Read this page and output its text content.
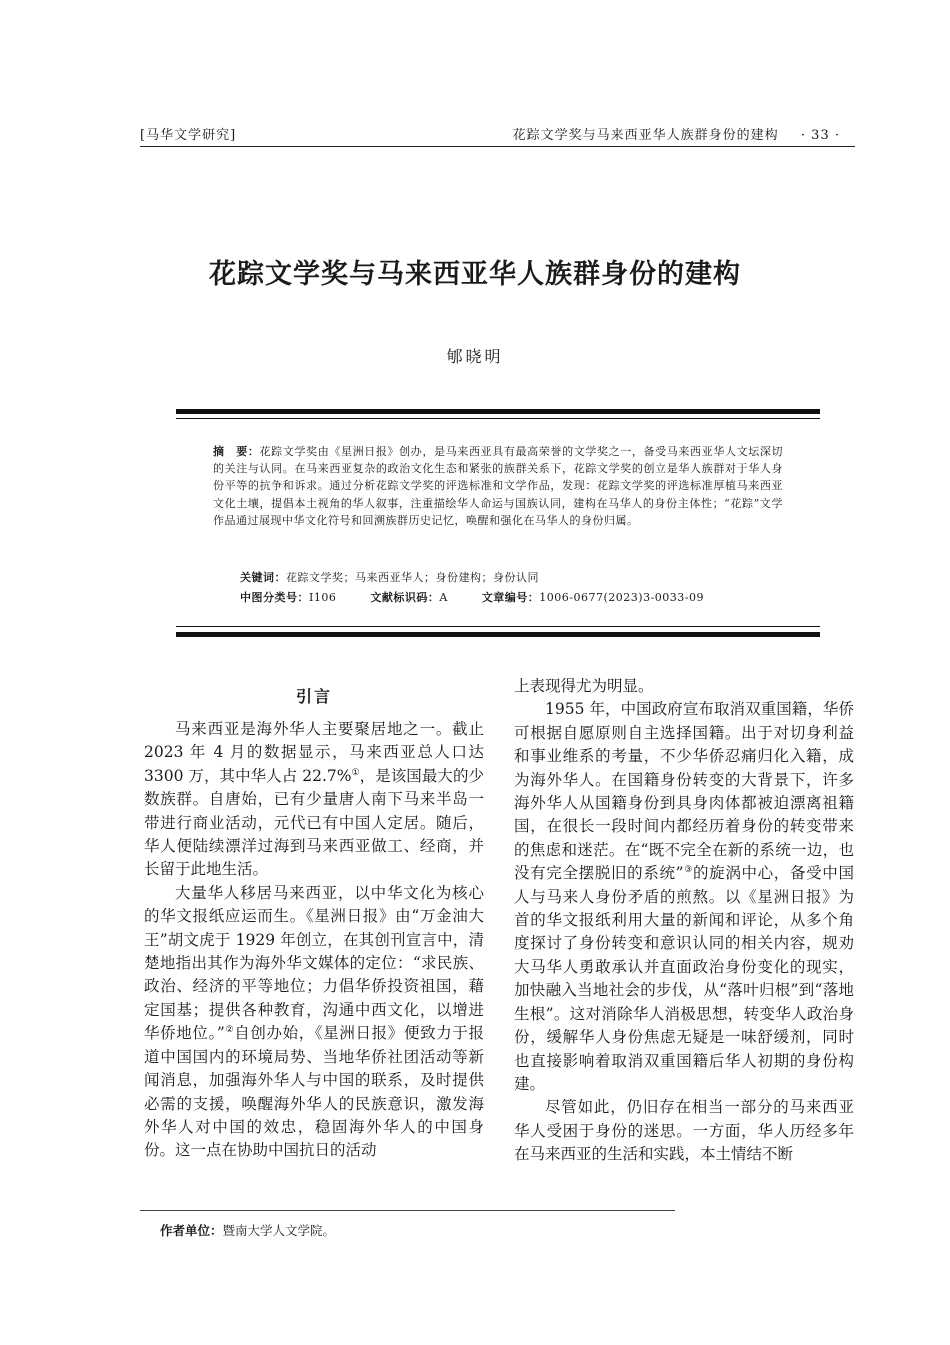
[马华文学研究]	花踪文学奖与马来西亚华人族群身份的建构 · 33 ·
花踪文学奖与马来西亚华人族群身份的建构
郇晓明
摘　要：花踪文学奖由《星洲日报》创办，是马来西亚具有最高荣誉的文学奖之一，备受马来西亚华人文坛深切的关注与认同。在马来西亚复杂的政治文化生态和紧张的族群关系下，花踪文学奖的创立是华人族群对于华人身份平等的抗争和诉求。通过分析花踪文学奖的评选标准和文学作品，发现：花踪文学奖的评选标准厚植马来西亚文化土壤，提倡本土视角的华人叙事，注重描绘华人命运与国族认同，建构在马华人的身份主体性；“花踪”文学作品通过展现中华文化符号和回溯族群历史记忆，唤醒和强化在马华人的身份归属。
关键词：花踪文学奖；马来西亚华人；身份建构；身份认同
中图分类号：I106	文献标识码：A	文章编号：1006-0677(2023)3-0033-09
引言

马来西亚是海外华人主要聚居地之一。截止 2023 年 4 月的数据显示，马来西亚总人口达 3300 万，其中华人占 22.7%①，是该国最大的少数族群。自唐始，已有少量唐人南下马来半岛一带进行商业活动，元代已有中国人定居。随后，华人便陆续漂洋过海到马来西亚做工、经商，并长留于此地生活。

大量华人移居马来西亚，以中华文化为核心的华文报纸应运而生。《星洲日报》由“万金油大王”胡文虎于 1929 年创立，在其创刊宣言中，清楚地指出其作为海外华文媒体的定位：“求民族、政治、经济的平等地位；力倡华侨投资祖国，藉定国基；提供各种教育，沟通中西文化，以增进华侨地位。”②自创办始，《星洲日报》便致力于报道中国国内的环境局势、当地华侨社团活动等新闻消息，加强海外华人与中国的联系，及时提供必需的支援，唤醒海外华人的民族意识，激发海外华人对中国的效忠，稳固海外华人的中国身份。这一点在协助中国抗日的活动

上表现得尤为明显。

1955 年，中国政府宣布取消双重国籍，华侨可根据自愿原则自主选择国籍。出于对切身利益和事业维系的考量，不少华侨忍痛归化入籍，成为海外华人。在国籍身份转变的大背景下，许多海外华人从国籍身份到具身肉体都被迫漂离祖籍国，在很长一段时间内都经历着身份的转变带来的焦虑和迷茫。在“既不完全在新的系统一边，也没有完全摆脱旧的系统”③的旋涡中心，备受中国人与马来人身份矛盾的煎熬。以《星洲日报》为首的华文报纸利用大量的新闻和评论，从多个角度探讨了身份转变和意识认同的相关内容，规劝大马华人勇敢承认并直面政治身份变化的现实，加快融入当地社会的步伐，从“落叶归根”到“落地生根”。这对消除华人消极思想，转变华人政治身份，缓解华人身份焦虑无疑是一味舒缓剂，同时也直接影响着取消双重国籍后华人初期的身份构建。

尽管如此，仍旧存在相当一部分的马来西亚华人受困于身份的迷思。一方面，华人历经多年在马来西亚的生活和实践，本土情结不断

作者单位：暨南大学人文学院。
